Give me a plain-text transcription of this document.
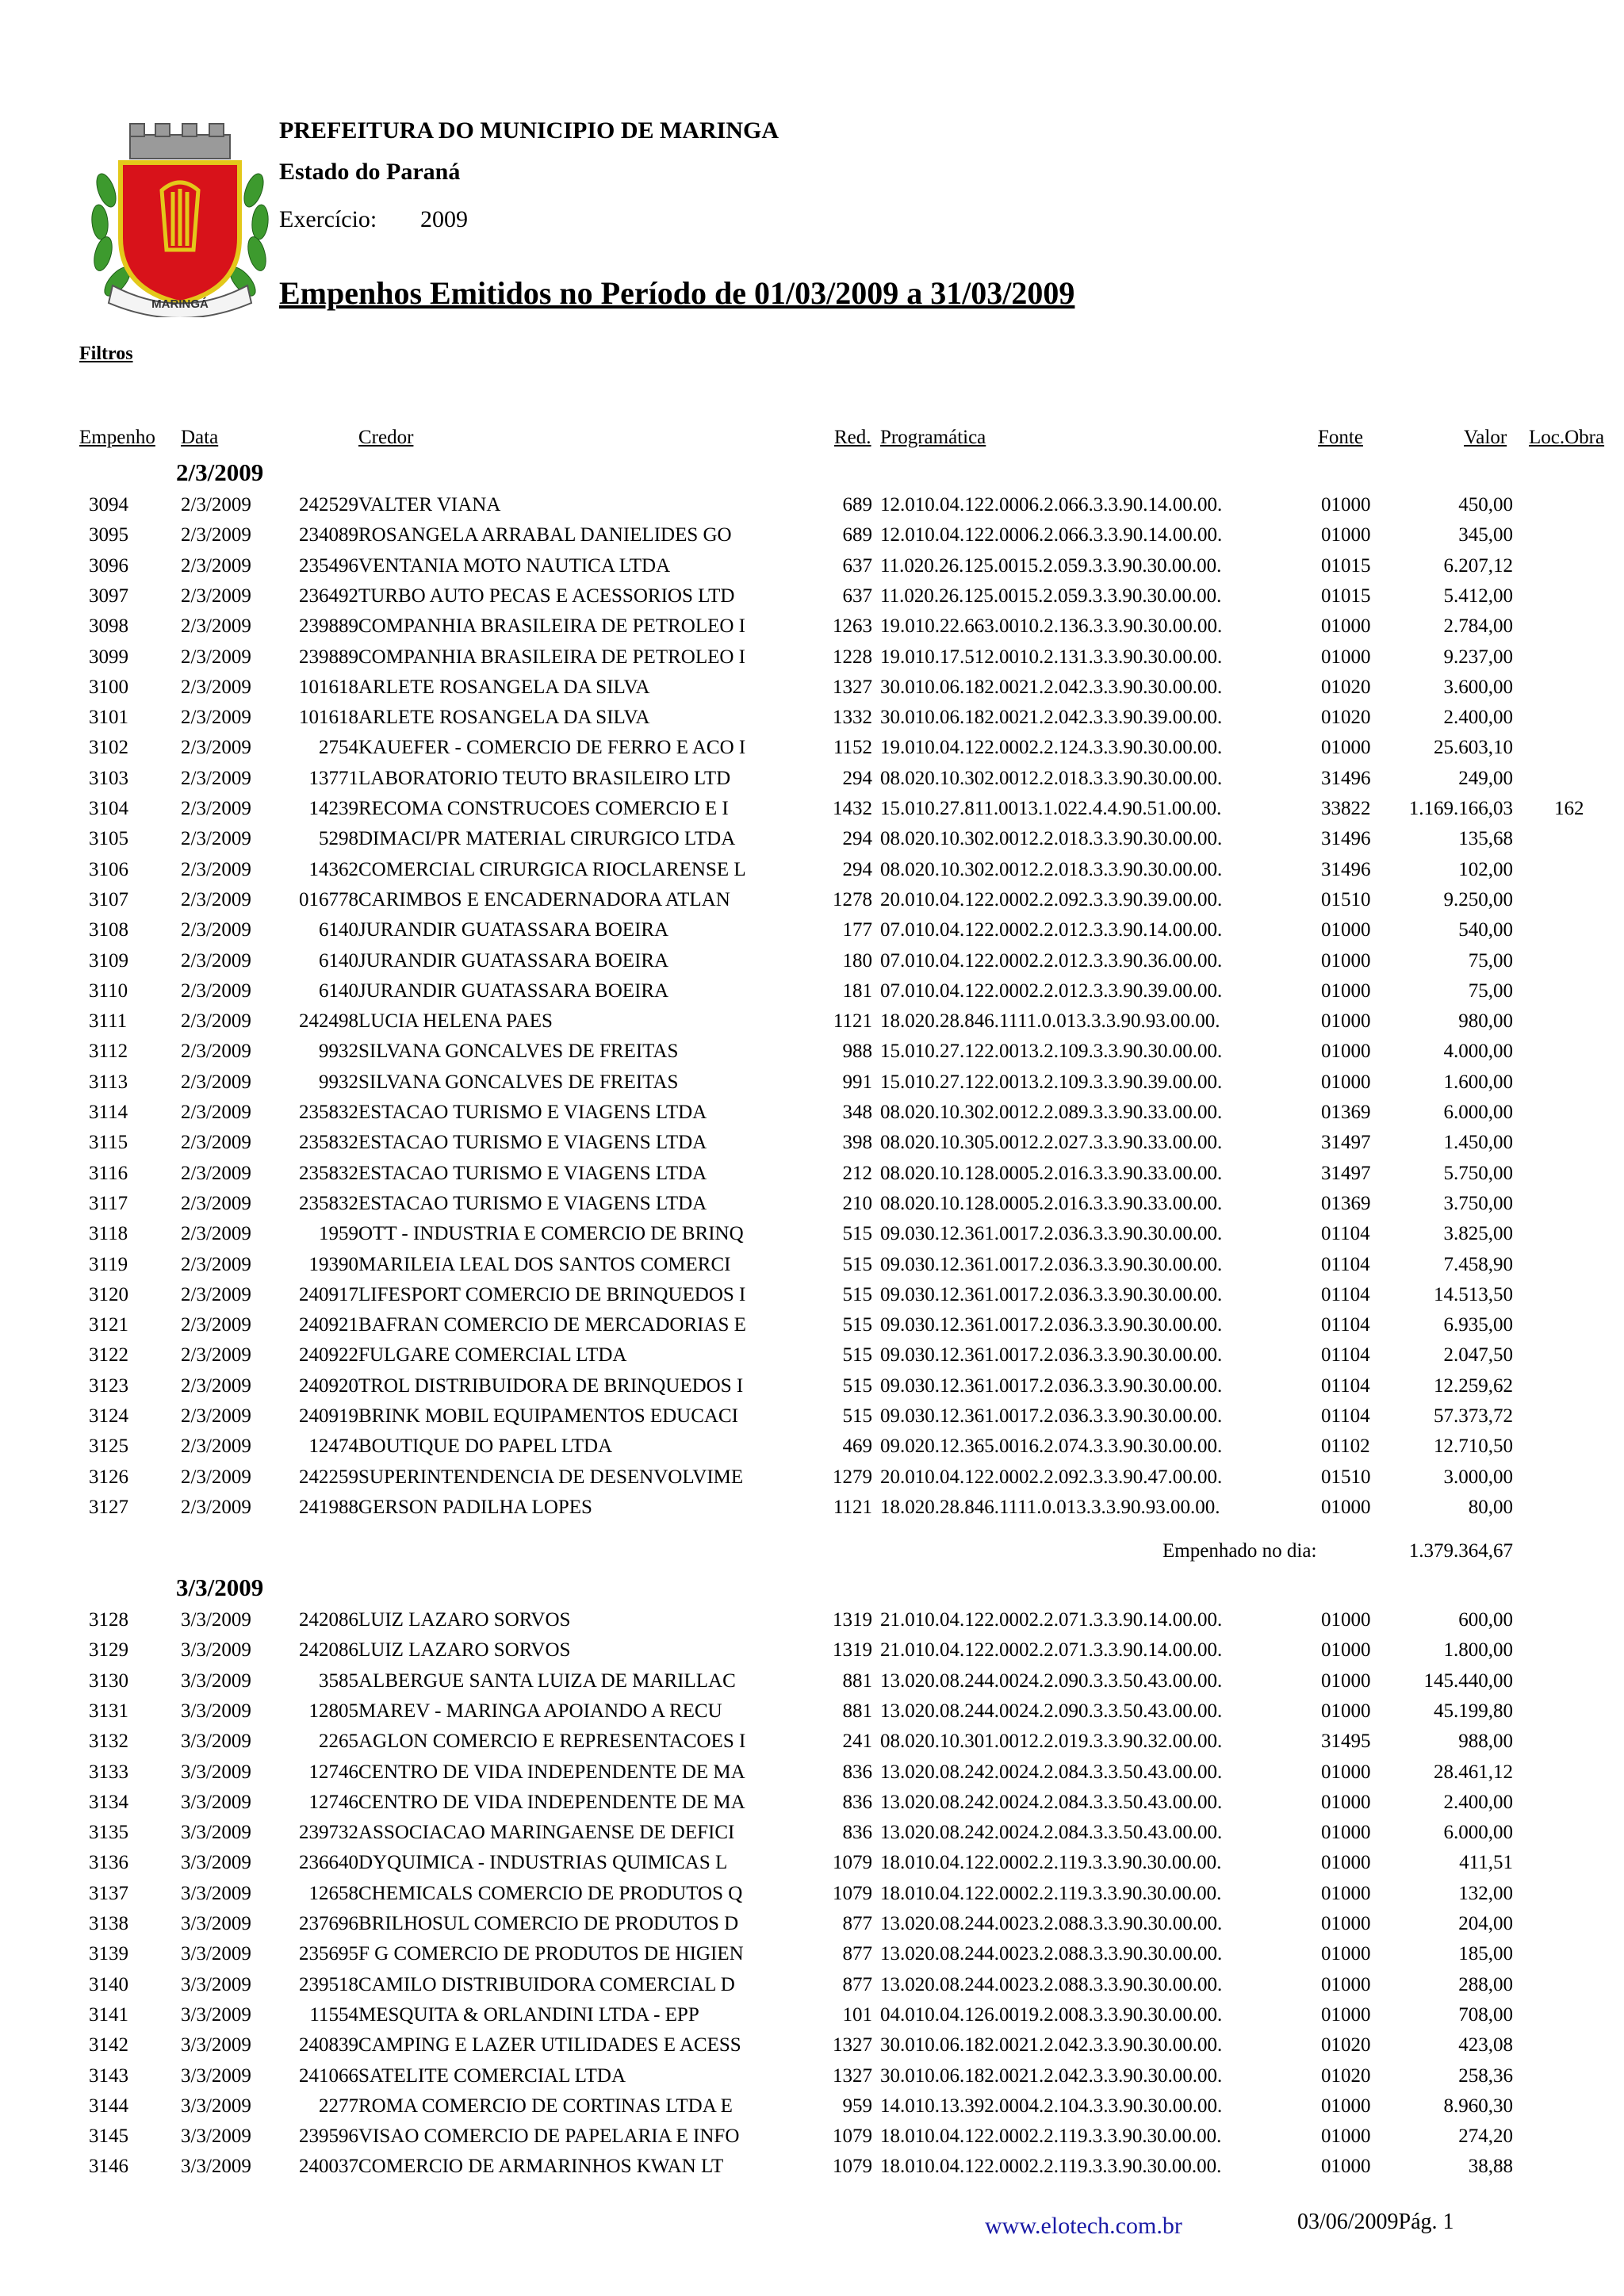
MARINGÁ
PREFEITURA DO MUNICIPIO DE MARINGA
Estado do Paraná
Exercício: 2009
Empenhos Emitidos no Período de 01/03/2009 a 31/03/2009
Filtros
Empenho Data	Credor	Red. Programática	Fonte	Valor Loc.Obra
2/3/2009
3094	2/3/2009 242529 VALTER VIANA	689 12.010.04.122.0006.2.066.3.3.90.14.00.00.	01000	450,00
3095	2/3/2009 234089 ROSANGELA ARRABAL DANIELIDES GO	689 12.010.04.122.0006.2.066.3.3.90.14.00.00.	01000	345,00
3096	2/3/2009 235496 VENTANIA MOTO NAUTICA LTDA	637 11.020.26.125.0015.2.059.3.3.90.30.00.00.	01015	6.207,12
3097	2/3/2009 236492 TURBO AUTO PECAS E ACESSORIOS LTD	637 11.020.26.125.0015.2.059.3.3.90.30.00.00.	01015	5.412,00
3098	2/3/2009 239889 COMPANHIA BRASILEIRA DE PETROLEO I	1263 19.010.22.663.0010.2.136.3.3.90.30.00.00.	01000	2.784,00
3099	2/3/2009 239889 COMPANHIA BRASILEIRA DE PETROLEO I	1228 19.010.17.512.0010.2.131.3.3.90.30.00.00.	01000	9.237,00
3100	2/3/2009 101618 ARLETE ROSANGELA DA SILVA	1327 30.010.06.182.0021.2.042.3.3.90.30.00.00.	01020	3.600,00
3101	2/3/2009 101618 ARLETE ROSANGELA DA SILVA	1332 30.010.06.182.0021.2.042.3.3.90.39.00.00.	01020	2.400,00
3102	2/3/2009	2754 KAUEFER - COMERCIO DE FERRO E ACO I	1152 19.010.04.122.0002.2.124.3.3.90.30.00.00.	01000	25.603,10
3103	2/3/2009	13771 LABORATORIO TEUTO BRASILEIRO LTD	294 08.020.10.302.0012.2.018.3.3.90.30.00.00.	31496	249,00
3104	2/3/2009	14239 RECOMA CONSTRUCOES COMERCIO E I	1432 15.010.27.811.0013.1.022.4.4.90.51.00.00.	33822	1.169.166,03 162
3105	2/3/2009	5298 DIMACI/PR MATERIAL CIRURGICO LTDA	294 08.020.10.302.0012.2.018.3.3.90.30.00.00.	31496	135,68
3106	2/3/2009	14362 COMERCIAL CIRURGICA RIOCLARENSE L	294 08.020.10.302.0012.2.018.3.3.90.30.00.00.	31496	102,00
3107	2/3/2009 016778 CARIMBOS E ENCADERNADORA ATLAN	1278 20.010.04.122.0002.2.092.3.3.90.39.00.00.	01510	9.250,00
3108	2/3/2009	6140 JURANDIR GUATASSARA BOEIRA	177 07.010.04.122.0002.2.012.3.3.90.14.00.00.	01000	540,00
3109	2/3/2009	6140 JURANDIR GUATASSARA BOEIRA	180 07.010.04.122.0002.2.012.3.3.90.36.00.00.	01000	75,00
3110	2/3/2009	6140 JURANDIR GUATASSARA BOEIRA	181 07.010.04.122.0002.2.012.3.3.90.39.00.00.	01000	75,00
3111	2/3/2009 242498 LUCIA HELENA PAES	1121 18.020.28.846.1111.0.013.3.3.90.93.00.00.	01000	980,00
3112	2/3/2009	9932 SILVANA GONCALVES DE FREITAS	988 15.010.27.122.0013.2.109.3.3.90.30.00.00.	01000	4.000,00
3113	2/3/2009	9932 SILVANA GONCALVES DE FREITAS	991 15.010.27.122.0013.2.109.3.3.90.39.00.00.	01000	1.600,00
3114	2/3/2009 235832 ESTACAO TURISMO E VIAGENS LTDA	348 08.020.10.302.0012.2.089.3.3.90.33.00.00.	01369	6.000,00
3115	2/3/2009 235832 ESTACAO TURISMO E VIAGENS LTDA	398 08.020.10.305.0012.2.027.3.3.90.33.00.00.	31497	1.450,00
3116	2/3/2009 235832 ESTACAO TURISMO E VIAGENS LTDA	212 08.020.10.128.0005.2.016.3.3.90.33.00.00.	31497	5.750,00
3117	2/3/2009 235832 ESTACAO TURISMO E VIAGENS LTDA	210 08.020.10.128.0005.2.016.3.3.90.33.00.00.	01369	3.750,00
3118	2/3/2009	1959 OTT - INDUSTRIA E COMERCIO DE BRINQ	515 09.030.12.361.0017.2.036.3.3.90.30.00.00.	01104	3.825,00
3119	2/3/2009	19390 MARILEIA LEAL DOS SANTOS COMERCI	515 09.030.12.361.0017.2.036.3.3.90.30.00.00.	01104	7.458,90
3120	2/3/2009 240917 LIFESPORT COMERCIO DE BRINQUEDOS I	515 09.030.12.361.0017.2.036.3.3.90.30.00.00.	01104	14.513,50
3121	2/3/2009 240921 BAFRAN COMERCIO DE MERCADORIAS E	515 09.030.12.361.0017.2.036.3.3.90.30.00.00.	01104	6.935,00
3122	2/3/2009 240922 FULGARE COMERCIAL LTDA	515 09.030.12.361.0017.2.036.3.3.90.30.00.00.	01104	2.047,50
3123	2/3/2009 240920 TROL DISTRIBUIDORA DE BRINQUEDOS I	515 09.030.12.361.0017.2.036.3.3.90.30.00.00.	01104	12.259,62
3124	2/3/2009 240919 BRINK MOBIL EQUIPAMENTOS EDUCACI	515 09.030.12.361.0017.2.036.3.3.90.30.00.00.	01104	57.373,72
3125	2/3/2009	12474 BOUTIQUE DO PAPEL LTDA	469 09.020.12.365.0016.2.074.3.3.90.30.00.00.	01102	12.710,50
3126	2/3/2009 242259 SUPERINTENDENCIA DE DESENVOLVIME	1279 20.010.04.122.0002.2.092.3.3.90.47.00.00.	01510	3.000,00
3127	2/3/2009 241988 GERSON PADILHA LOPES	1121 18.020.28.846.1111.0.013.3.3.90.93.00.00.	01000	80,00
Empenhado no dia:	1.379.364,67
3/3/2009
3128	3/3/2009 242086 LUIZ LAZARO SORVOS	1319 21.010.04.122.0002.2.071.3.3.90.14.00.00.	01000	600,00
3129	3/3/2009 242086 LUIZ LAZARO SORVOS	1319 21.010.04.122.0002.2.071.3.3.90.14.00.00.	01000	1.800,00
3130	3/3/2009	3585 ALBERGUE SANTA LUIZA DE MARILLAC	881 13.020.08.244.0024.2.090.3.3.50.43.00.00.	01000	145.440,00
3131	3/3/2009	12805 MAREV - MARINGA APOIANDO A RECU	881 13.020.08.244.0024.2.090.3.3.50.43.00.00.	01000	45.199,80
3132	3/3/2009	2265 AGLON COMERCIO E REPRESENTACOES I	241 08.020.10.301.0012.2.019.3.3.90.32.00.00.	31495	988,00
3133	3/3/2009	12746 CENTRO DE VIDA INDEPENDENTE DE MA	836 13.020.08.242.0024.2.084.3.3.50.43.00.00.	01000	28.461,12
3134	3/3/2009	12746 CENTRO DE VIDA INDEPENDENTE DE MA	836 13.020.08.242.0024.2.084.3.3.50.43.00.00.	01000	2.400,00
3135	3/3/2009 239732 ASSOCIACAO MARINGAENSE DE DEFICI	836 13.020.08.242.0024.2.084.3.3.50.43.00.00.	01000	6.000,00
3136	3/3/2009 236640 DYQUIMICA - INDUSTRIAS QUIMICAS L	1079 18.010.04.122.0002.2.119.3.3.90.30.00.00.	01000	411,51
3137	3/3/2009	12658 CHEMICALS COMERCIO DE PRODUTOS Q	1079 18.010.04.122.0002.2.119.3.3.90.30.00.00.	01000	132,00
3138	3/3/2009 237696 BRILHOSUL COMERCIO DE PRODUTOS D	877 13.020.08.244.0023.2.088.3.3.90.30.00.00.	01000	204,00
3139	3/3/2009 235695 F G COMERCIO DE PRODUTOS DE HIGIEN	877 13.020.08.244.0023.2.088.3.3.90.30.00.00.	01000	185,00
3140	3/3/2009 239518 CAMILO DISTRIBUIDORA COMERCIAL D	877 13.020.08.244.0023.2.088.3.3.90.30.00.00.	01000	288,00
3141	3/3/2009	11554 MESQUITA & ORLANDINI LTDA - EPP	101 04.010.04.126.0019.2.008.3.3.90.30.00.00.	01000	708,00
3142	3/3/2009 240839 CAMPING E LAZER UTILIDADES E ACESS	1327 30.010.06.182.0021.2.042.3.3.90.30.00.00.	01020	423,08
3143	3/3/2009 241066 SATELITE COMERCIAL LTDA	1327 30.010.06.182.0021.2.042.3.3.90.30.00.00.	01020	258,36
3144	3/3/2009	2277 ROMA COMERCIO DE CORTINAS LTDA E	959 14.010.13.392.0004.2.104.3.3.90.30.00.00.	01000	8.960,30
3145	3/3/2009 239596 VISAO COMERCIO DE PAPELARIA E INFO	1079 18.010.04.122.0002.2.119.3.3.90.30.00.00.	01000	274,20
3146	3/3/2009 240037 COMERCIO DE ARMARINHOS KWAN LT	1079 18.010.04.122.0002.2.119.3.3.90.30.00.00.	01000	38,88
www.elotech.com.br	03/06/2009Pág. 1
